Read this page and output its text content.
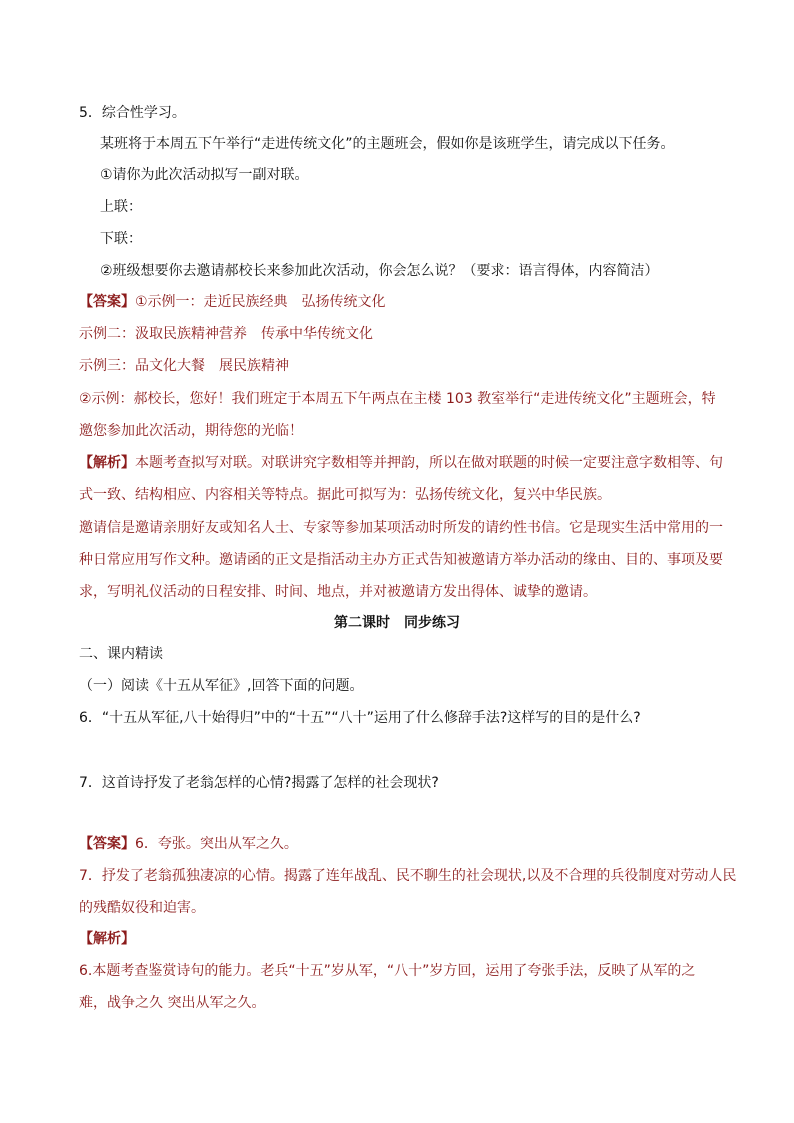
5．综合性学习。
某班将于本周五下午举行“走进传统文化”的主题班会，假如你是该班学生，请完成以下任务。
①请你为此次活动拟写一副对联。
上联：
下联：
②班级想要你去邀请郝校长来参加此次活动，你会怎么说？（要求：语言得体，内容简洁）
【答案】①示例一：走近民族经典　弘扬传统文化
示例二：汲取民族精神营养　传承中华传统文化
示例三：品文化大餐　展民族精神
②示例：郝校长，您好！我们班定于本周五下午两点在主楼 103 教室举行“走进传统文化”主题班会，特
邀您参加此次活动，期待您的光临！
【解析】本题考查拟写对联。对联讲究字数相等并押韵，所以在做对联题的时候一定要注意字数相等、句
式一致、结构相应、内容相关等特点。据此可拟写为：弘扬传统文化，复兴中华民族。
邀请信是邀请亲朋好友或知名人士、专家等参加某项活动时所发的请约性书信。它是现实生活中常用的一
种日常应用写作文种。邀请函的正文是指活动主办方正式告知被邀请方举办活动的缘由、目的、事项及要
求，写明礼仪活动的日程安排、时间、地点，并对被邀请方发出得体、诚挚的邀请。
第二课时　同步练习
二、课内精读
（一）阅读《十五从军征》,回答下面的问题。
6．“十五从军征,八十始得归”中的“十五”“八十”运用了什么修辞手法?这样写的目的是什么?
7．这首诗抒发了老翁怎样的心情?揭露了怎样的社会现状?
【答案】6．夸张。突出从军之久。
7．抒发了老翁孤独凄凉的心情。揭露了连年战乱、民不聊生的社会现状,以及不合理的兵役制度对劳动人民
的残酷奴役和迫害。
【解析】
6.本题考查鉴赏诗句的能力。老兵“十五”岁从军，“八十”岁方回，运用了夸张手法，反映了从军的之
难，战争之久 突出从军之久。
